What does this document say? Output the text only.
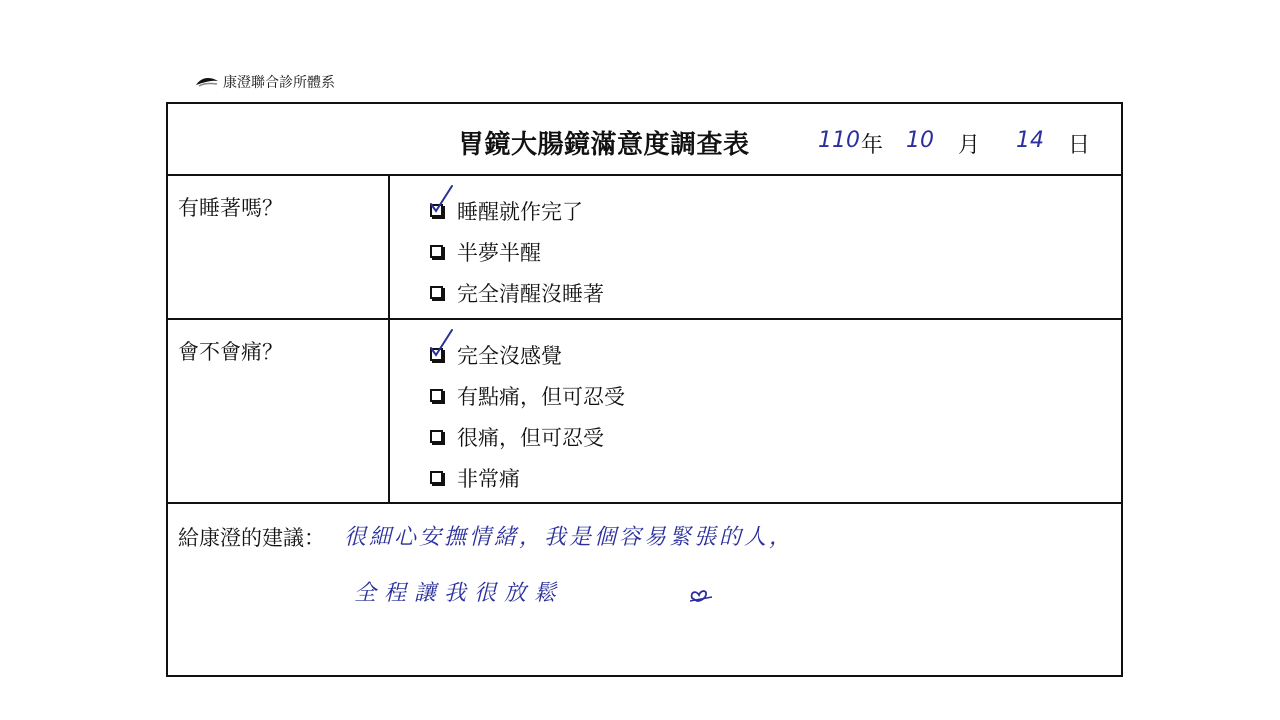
康澄聯合診所體系
胃鏡大腸鏡滿意度調查表	110 年 10 月 14 日
有睡著嗎？	睡醒就作完了
半夢半醒
完全清醒沒睡著
會不會痛？	完全沒感覺
有點痛，但可忍受
很痛，但可忍受
非常痛
給康澄的建議： 很細心安撫情緒，我是個容易緊張的人，
全程讓我很放鬆
